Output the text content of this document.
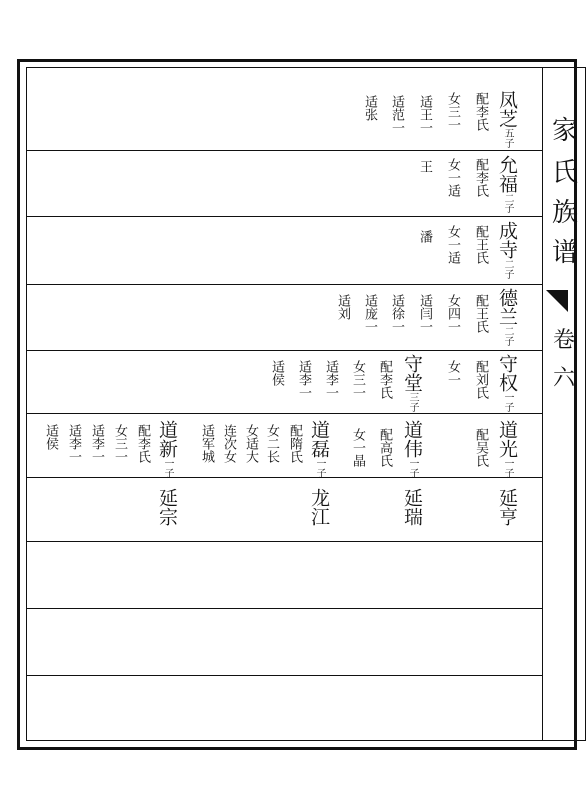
家
氏
族
谱
卷
六
凤芝五子
配李氏
女三一
适王一
适范一
适张
允福二子
配李氏
女一适
王
成寺二子
配王氏
女一适
潘
德兰二子
配王氏
女四一
适闫一
适徐一
适庞一
适刘
守权一子
配刘氏
女一
守堂三子
配李氏
女三一
适李一
适李一
适侯
道光一子
配吴氏
道伟一子
配高氏
女一晶
道磊一子
配隋氏
女二长
女适大
连次女
适军城
道新一子
配李氏
女三一
适李一
适李一
适侯
延亨
延瑞
龙江
延宗
